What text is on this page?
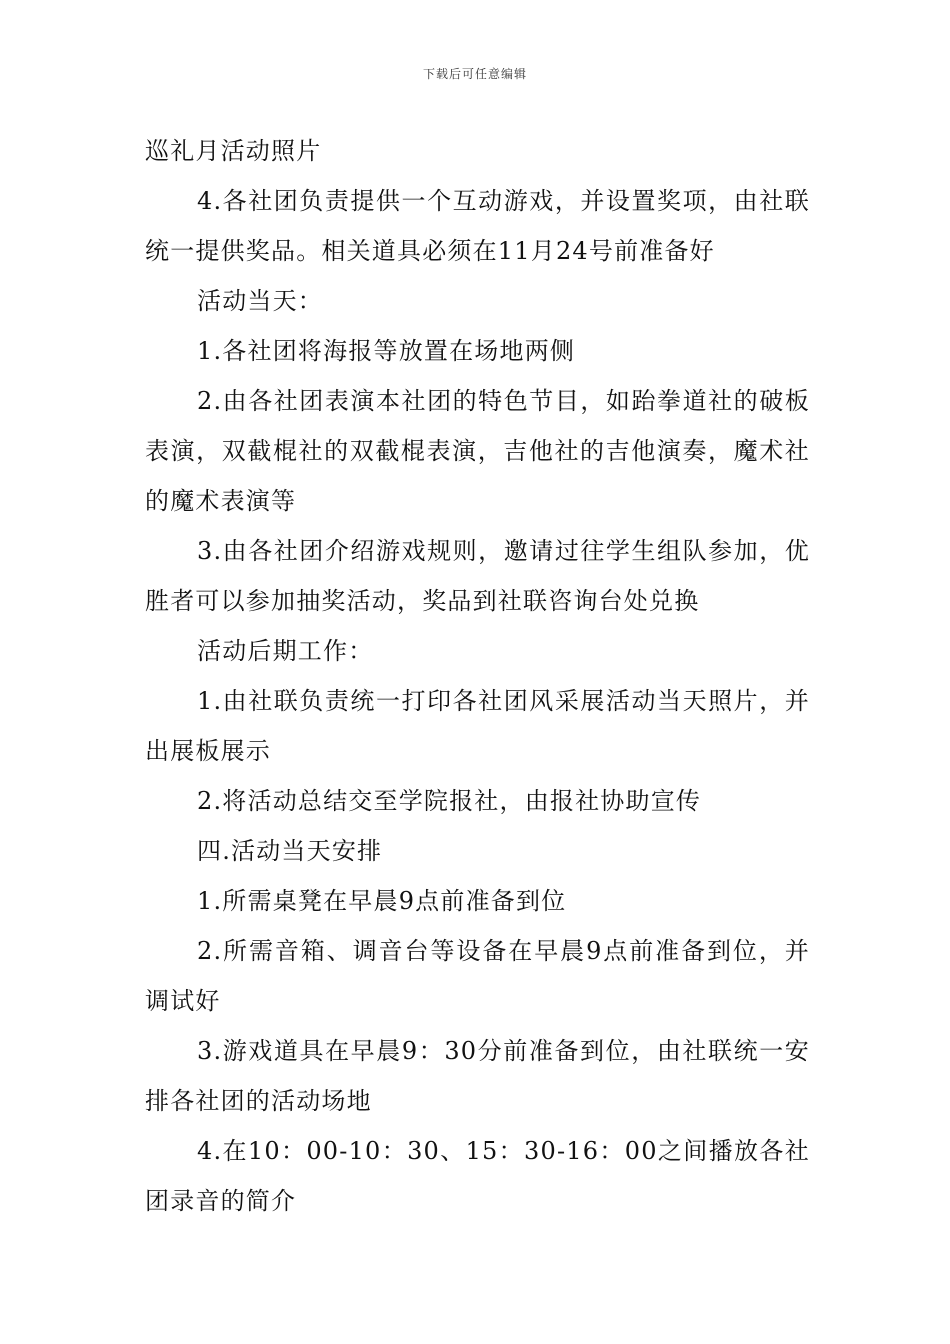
下载后可任意编辑

巡礼月活动照片

4.各社团负责提供一个互动游戏，并设置奖项，由社联统一提供奖品。相关道具必须在11月24号前准备好

活动当天：

1.各社团将海报等放置在场地两侧

2.由各社团表演本社团的特色节目，如跆拳道社的破板表演，双截棍社的双截棍表演，吉他社的吉他演奏，魔术社的魔术表演等

3.由各社团介绍游戏规则，邀请过往学生组队参加，优胜者可以参加抽奖活动，奖品到社联咨询台处兑换

活动后期工作：

1.由社联负责统一打印各社团风采展活动当天照片，并出展板展示

2.将活动总结交至学院报社，由报社协助宣传

四.活动当天安排

1.所需桌凳在早晨9点前准备到位

2.所需音箱、调音台等设备在早晨9点前准备到位，并调试好

3.游戏道具在早晨9：30分前准备到位，由社联统一安排各社团的活动场地

4.在10：00-10：30、15：30-16：00之间播放各社团录音的简介
